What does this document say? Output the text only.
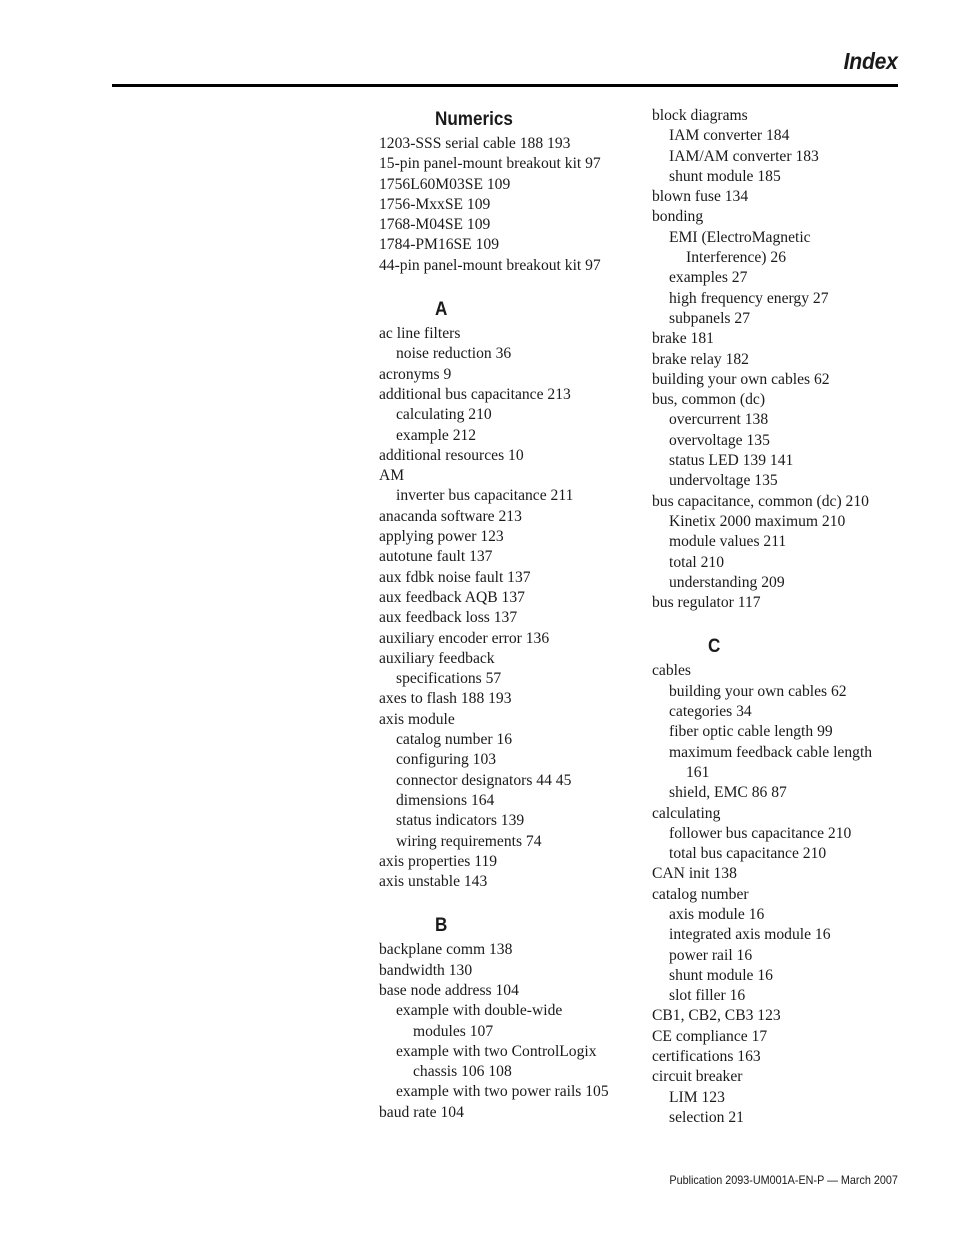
Index
Numerics
1203-SSS serial cable 188 193
15-pin panel-mount breakout kit 97
1756L60M03SE 109
1756-MxxSE 109
1768-M04SE 109
1784-PM16SE 109
44-pin panel-mount breakout kit 97
A
ac line filters
noise reduction 36
acronyms 9
additional bus capacitance 213
calculating 210
example 212
additional resources 10
AM
inverter bus capacitance 211
anacanda software 213
applying power 123
autotune fault 137
aux fdbk noise fault 137
aux feedback AQB 137
aux feedback loss 137
auxiliary encoder error 136
auxiliary feedback
specifications 57
axes to flash 188 193
axis module
catalog number 16
configuring 103
connector designators 44 45
dimensions 164
status indicators 139
wiring requirements 74
axis properties 119
axis unstable 143
B
backplane comm 138
bandwidth 130
base node address 104
example with double-wide
modules 107
example with two ControlLogix
chassis 106 108
example with two power rails 105
baud rate 104
block diagrams
IAM converter 184
IAM/AM converter 183
shunt module 185
blown fuse 134
bonding
EMI (ElectroMagnetic
Interference) 26
examples 27
high frequency energy 27
subpanels 27
brake 181
brake relay 182
building your own cables 62
bus, common (dc)
overcurrent 138
overvoltage 135
status LED 139 141
undervoltage 135
bus capacitance, common (dc) 210
Kinetix 2000 maximum 210
module values 211
total 210
understanding 209
bus regulator 117
C
cables
building your own cables 62
categories 34
fiber optic cable length 99
maximum feedback cable length
161
shield, EMC 86 87
calculating
follower bus capacitance 210
total bus capacitance 210
CAN init 138
catalog number
axis module 16
integrated axis module 16
power rail 16
shunt module 16
slot filler 16
CB1, CB2, CB3 123
CE compliance 17
certifications 163
circuit breaker
LIM 123
selection 21
Publication 2093-UM001A-EN-P — March 2007
